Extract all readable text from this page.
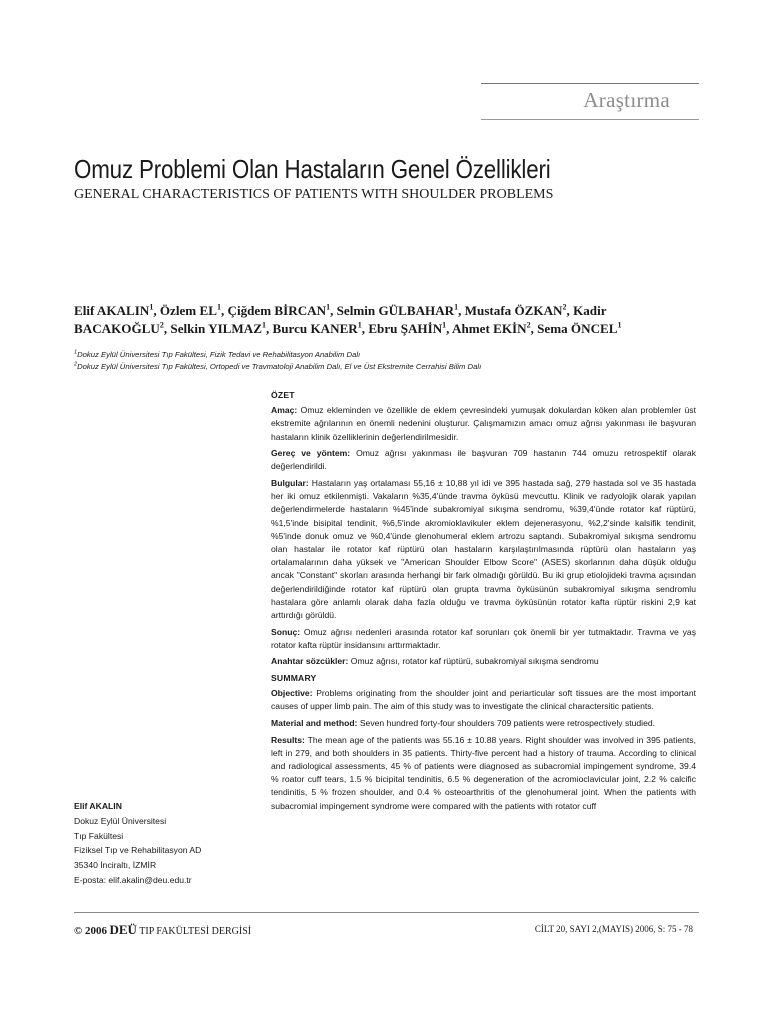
Araştırma
Omuz Problemi Olan Hastaların Genel Özellikleri
GENERAL CHARACTERISTICS OF PATIENTS WITH SHOULDER PROBLEMS
Elif AKALIN$^1$, Özlem $EL^1$, Çiğdem BİRCAN$^1$, Selmin GÜLBAHAR$^1$, Mustafa ÖZKAN$^2$, Kadir BACAKOĞLU$^2$, Selkin YILMAZ$^1$, Burcu KANER$^1$, Ebru ŞAHİN$^1$, Ahmet EKİN$^2$, Sema ÖNCEL$^1$
$^1$Dokuz Eylül Üniversitesi Tıp Fakültesi, Fizik Tedavi ve Rehabilitasyon Anabilim Dalı
$^2$Dokuz Eylül Üniversitesi Tıp Fakültesi, Ortopedi ve Travmatoloji Anabilim Dalı, El ve Üst Ekstremite Cerrahisi Bilim Dalı
ÖZET
Amaç: Omuz ekleminden ve özellikle de eklem çevresindeki yumuşak dokulardan köken alan problemler üst ekstremite ağrılarının en önemli nedenini oluşturur. Çalışmamızın amacı omuz ağrısı yakınması ile başvuran hastaların klinik özelliklerinin değerlendirilmesidir.
Gereç ve yöntem: Omuz ağrısı yakınması ile başvuran 709 hastanın 744 omuzu retrospektif olarak değerlendirildi.
Bulgular: Hastaların yaş ortalaması 55,16 ± 10,88 yıl idi ve 395 hastada sağ, 279 hastada sol ve 35 hastada her iki omuz etkilenmişti. Vakaların %35,4'ünde travma öyküsü mevcuttu. Klinik ve radyolojik olarak yapılan değerlendirmelerde hastaların %45'inde subakromiyal sıkışma sendromu, %39,4'ünde rotator kaf rüptürü, %1,5'inde bisipital tendinit, %6,5'inde akromioklavikuler eklem dejenerasyonu, %2,2'sinde kalsifik tendinit, %5'inde donuk omuz ve %0,4'ünde glenohumeral eklem artrozu saptandı. Subakromiyal sıkışma sendromu olan hastalar ile rotator kaf rüptürü olan hastaların karşılaştırılmasında rüptürü olan hastaların yaş ortalamalarının daha yüksek ve "American Shoulder Elbow Score" (ASES) skorlarının daha düşük olduğu ancak "Constant" skorları arasında herhangi bir fark olmadığı görüldü. Bu iki grup etiolojideki travma açısından değerlendirildiğinde rotator kaf rüptürü olan grupta travma öyküsünün subakromiyal sıkışma sendromlu hastalara göre anlamlı olarak daha fazla olduğu ve travma öyküsünün rotator kafta rüptür riskini 2,9 kat arttırdığı görüldü.
Sonuç: Omuz ağrısı nedenleri arasında rotator kaf sorunları çok önemli bir yer tutmaktadır. Travma ve yaş rotator kafta rüptür insidansını arttırmaktadır.
Anahtar sözcükler: Omuz ağrısı, rotator kaf rüptürü, subakromiyal sıkışma sendromu
SUMMARY
Objective: Problems originating from the shoulder joint and periarticular soft tissues are the most important causes of upper limb pain. The aim of this study was to investigate the clinical charactersitic patients.
Material and method: Seven hundred forty-four shoulders 709 patients were retrospectively studied.
Results: The mean age of the patients was 55.16 ± 10.88 years. Right shoulder was involved in 395 patients, left in 279, and both shoulders in 35 patients. Thirty-five percent had a history of trauma. According to clinical and radiological assessments, 45 % of patients were diagnosed as subacromial impingement syndrome, 39.4 % roator cuff tears, 1.5 % bicipital tendinitis, 6.5 % degeneration of the acromioclavicular joint, 2.2 % calcific tendinitis, 5 % frozen shoulder, and 0.4 % osteoarthritis of the glenohumeral joint. When the patients with subacromial impingement syndrome were compared with the patients with rotator cuff
Elif AKALIN
Dokuz Eylül Üniversitesi
Tıp Fakültesi
Fiziksel Tıp ve Rehabilitasyon AD
35340 İnciraltı, İZMİR
E-posta: elif.akalin@deu.edu.tr
© 2006 DEÜ TIP FAKÜLTESİ DERGİSİ	CİLT 20, SAYI 2,(MAYIS) 2006, S: 75 - 78
